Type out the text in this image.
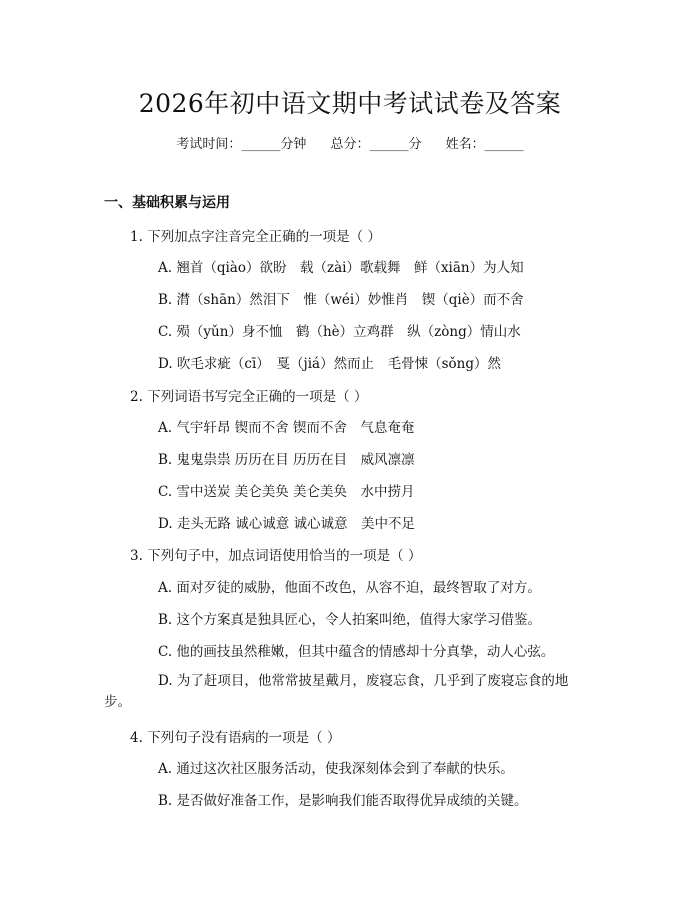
2026年初中语文期中考试试卷及答案
考试时间：______分钟 总分：______分 姓名：______
一、基础积累与运用
1. 下列加点字注音完全正确的一项是（ ）
A. 翘首（qiào）欲盼　载（zài）歌载舞　鲜（xiān）为人知
B. 潸（shān）然泪下　惟（wéi）妙惟肖　锲（qiè）而不舍
C. 殒（yǔn）身不恤　鹤（hè）立鸡群　纵（zòng）情山水
D. 吹毛求疵（cī）　戛（jiá）然而止　毛骨悚（sǒng）然
2. 下列词语书写完全正确的一项是（ ）
A. 气宇轩昂 锲而不舍 锲而不舍　气息奄奄
B. 鬼鬼祟祟 历历在目 历历在目　威风凛凛
C. 雪中送炭 美仑美奂 美仑美奂　水中捞月
D. 走头无路 诚心诚意 诚心诚意　美中不足
3. 下列句子中，加点词语使用恰当的一项是（ ）
A. 面对歹徒的威胁，他面不改色，从容不迫，最终智取了对方。
B. 这个方案真是独具匠心，令人拍案叫绝，值得大家学习借鉴。
C. 他的画技虽然稚嫩，但其中蕴含的情感却十分真挚，动人心弦。
D. 为了赶项目，他常常披星戴月，废寝忘食，几乎到了废寝忘食的地步。
4. 下列句子没有语病的一项是（ ）
A. 通过这次社区服务活动，使我深刻体会到了奉献的快乐。
B. 是否做好准备工作，是影响我们能否取得优异成绩的关键。
